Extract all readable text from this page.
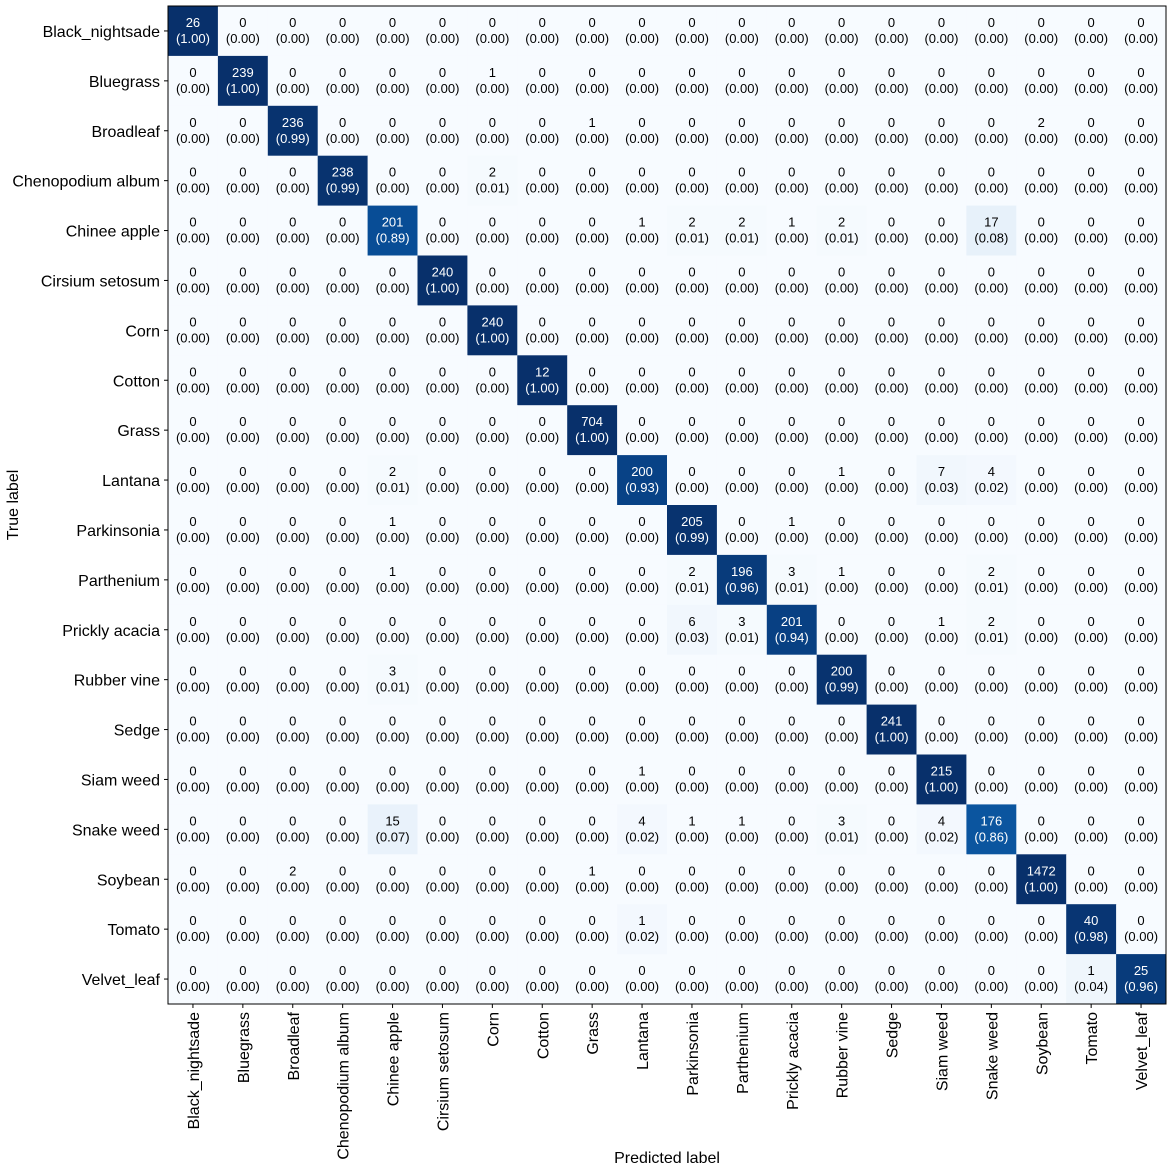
26
(1.00)
0
(0.00)
0
(0.00)
0
(0.00)
0
(0.00)
0
(0.00)
0
(0.00)
0
(0.00)
0
(0.00)
0
(0.00)
0
(0.00)
0
(0.00)
0
(0.00)
0
(0.00)
0
(0.00)
0
(0.00)
0
(0.00)
0
(0.00)
0
(0.00)
0
(0.00)
0
(0.00)
239
(1.00)
0
(0.00)
0
(0.00)
0
(0.00)
0
(0.00)
1
(0.00)
0
(0.00)
0
(0.00)
0
(0.00)
0
(0.00)
0
(0.00)
0
(0.00)
0
(0.00)
0
(0.00)
0
(0.00)
0
(0.00)
0
(0.00)
0
(0.00)
0
(0.00)
0
(0.00)
0
(0.00)
236
(0.99)
0
(0.00)
0
(0.00)
0
(0.00)
0
(0.00)
0
(0.00)
1
(0.00)
0
(0.00)
0
(0.00)
0
(0.00)
0
(0.00)
0
(0.00)
0
(0.00)
0
(0.00)
0
(0.00)
2
(0.00)
0
(0.00)
0
(0.00)
0
(0.00)
0
(0.00)
0
(0.00)
238
(0.99)
0
(0.00)
0
(0.00)
2
(0.01)
0
(0.00)
0
(0.00)
0
(0.00)
0
(0.00)
0
(0.00)
0
(0.00)
0
(0.00)
0
(0.00)
0
(0.00)
0
(0.00)
0
(0.00)
0
(0.00)
0
(0.00)
0
(0.00)
0
(0.00)
0
(0.00)
0
(0.00)
201
(0.89)
0
(0.00)
0
(0.00)
0
(0.00)
0
(0.00)
1
(0.00)
2
(0.01)
2
(0.01)
1
(0.00)
2
(0.01)
0
(0.00)
0
(0.00)
17
(0.08)
0
(0.00)
0
(0.00)
0
(0.00)
0
(0.00)
0
(0.00)
0
(0.00)
0
(0.00)
0
(0.00)
240
(1.00)
0
(0.00)
0
(0.00)
0
(0.00)
0
(0.00)
0
(0.00)
0
(0.00)
0
(0.00)
0
(0.00)
0
(0.00)
0
(0.00)
0
(0.00)
0
(0.00)
0
(0.00)
0
(0.00)
0
(0.00)
0
(0.00)
0
(0.00)
0
(0.00)
0
(0.00)
0
(0.00)
240
(1.00)
0
(0.00)
0
(0.00)
0
(0.00)
0
(0.00)
0
(0.00)
0
(0.00)
0
(0.00)
0
(0.00)
0
(0.00)
0
(0.00)
0
(0.00)
0
(0.00)
0
(0.00)
0
(0.00)
0
(0.00)
0
(0.00)
0
(0.00)
0
(0.00)
0
(0.00)
0
(0.00)
12
(1.00)
0
(0.00)
0
(0.00)
0
(0.00)
0
(0.00)
0
(0.00)
0
(0.00)
0
(0.00)
0
(0.00)
0
(0.00)
0
(0.00)
0
(0.00)
0
(0.00)
0
(0.00)
0
(0.00)
0
(0.00)
0
(0.00)
0
(0.00)
0
(0.00)
0
(0.00)
0
(0.00)
704
(1.00)
0
(0.00)
0
(0.00)
0
(0.00)
0
(0.00)
0
(0.00)
0
(0.00)
0
(0.00)
0
(0.00)
0
(0.00)
0
(0.00)
0
(0.00)
0
(0.00)
0
(0.00)
0
(0.00)
0
(0.00)
2
(0.01)
0
(0.00)
0
(0.00)
0
(0.00)
0
(0.00)
200
(0.93)
0
(0.00)
0
(0.00)
0
(0.00)
1
(0.00)
0
(0.00)
7
(0.03)
4
(0.02)
0
(0.00)
0
(0.00)
0
(0.00)
0
(0.00)
0
(0.00)
0
(0.00)
0
(0.00)
1
(0.00)
0
(0.00)
0
(0.00)
0
(0.00)
0
(0.00)
0
(0.00)
205
(0.99)
0
(0.00)
1
(0.00)
0
(0.00)
0
(0.00)
0
(0.00)
0
(0.00)
0
(0.00)
0
(0.00)
0
(0.00)
0
(0.00)
0
(0.00)
0
(0.00)
0
(0.00)
1
(0.00)
0
(0.00)
0
(0.00)
0
(0.00)
0
(0.00)
0
(0.00)
2
(0.01)
196
(0.96)
3
(0.01)
1
(0.00)
0
(0.00)
0
(0.00)
2
(0.01)
0
(0.00)
0
(0.00)
0
(0.00)
0
(0.00)
0
(0.00)
0
(0.00)
0
(0.00)
0
(0.00)
0
(0.00)
0
(0.00)
0
(0.00)
0
(0.00)
0
(0.00)
6
(0.03)
3
(0.01)
201
(0.94)
0
(0.00)
0
(0.00)
1
(0.00)
2
(0.01)
0
(0.00)
0
(0.00)
0
(0.00)
0
(0.00)
0
(0.00)
0
(0.00)
0
(0.00)
3
(0.01)
0
(0.00)
0
(0.00)
0
(0.00)
0
(0.00)
0
(0.00)
0
(0.00)
0
(0.00)
0
(0.00)
200
(0.99)
0
(0.00)
0
(0.00)
0
(0.00)
0
(0.00)
0
(0.00)
0
(0.00)
0
(0.00)
0
(0.00)
0
(0.00)
0
(0.00)
0
(0.00)
0
(0.00)
0
(0.00)
0
(0.00)
0
(0.00)
0
(0.00)
0
(0.00)
0
(0.00)
0
(0.00)
0
(0.00)
241
(1.00)
0
(0.00)
0
(0.00)
0
(0.00)
0
(0.00)
0
(0.00)
0
(0.00)
0
(0.00)
0
(0.00)
0
(0.00)
0
(0.00)
0
(0.00)
0
(0.00)
0
(0.00)
0
(0.00)
1
(0.00)
0
(0.00)
0
(0.00)
0
(0.00)
0
(0.00)
0
(0.00)
215
(1.00)
0
(0.00)
0
(0.00)
0
(0.00)
0
(0.00)
0
(0.00)
0
(0.00)
0
(0.00)
0
(0.00)
15
(0.07)
0
(0.00)
0
(0.00)
0
(0.00)
0
(0.00)
4
(0.02)
1
(0.00)
1
(0.00)
0
(0.00)
3
(0.01)
0
(0.00)
4
(0.02)
176
(0.86)
0
(0.00)
0
(0.00)
0
(0.00)
0
(0.00)
0
(0.00)
2
(0.00)
0
(0.00)
0
(0.00)
0
(0.00)
0
(0.00)
0
(0.00)
1
(0.00)
0
(0.00)
0
(0.00)
0
(0.00)
0
(0.00)
0
(0.00)
0
(0.00)
0
(0.00)
0
(0.00)
1472
(1.00)
0
(0.00)
0
(0.00)
0
(0.00)
0
(0.00)
0
(0.00)
0
(0.00)
0
(0.00)
0
(0.00)
0
(0.00)
0
(0.00)
0
(0.00)
1
(0.02)
0
(0.00)
0
(0.00)
0
(0.00)
0
(0.00)
0
(0.00)
0
(0.00)
0
(0.00)
0
(0.00)
40
(0.98)
0
(0.00)
0
(0.00)
0
(0.00)
0
(0.00)
0
(0.00)
0
(0.00)
0
(0.00)
0
(0.00)
0
(0.00)
0
(0.00)
0
(0.00)
0
(0.00)
0
(0.00)
0
(0.00)
0
(0.00)
0
(0.00)
0
(0.00)
0
(0.00)
0
(0.00)
1
(0.04)
25
(0.96)
Black_nightsade
Bluegrass
Broadleaf
Chenopodium album
Chinee apple
Cirsium setosum
Corn
Cotton
Grass
Lantana
Parkinsonia
Parthenium
Prickly acacia
Rubber vine
Sedge
Siam weed
Snake weed
Soybean
Tomato
Velvet_leaf
Black_nightsade Bluegrass Broadleaf Chenopodium album Chinee apple Cirsium setosum Corn Cotton Grass Lantana Parkinsonia Parthenium Prickly acacia Rubber vine Sedge Siam weed Snake weed Soybean Tomato Velvet_leaf
Predicted label
True label
